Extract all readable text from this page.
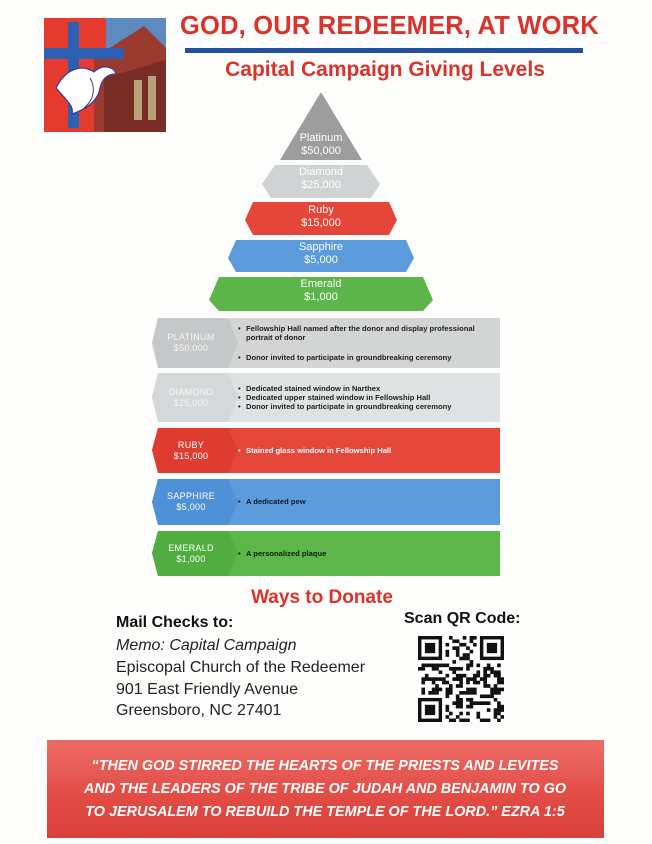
GOD, OUR REDEEMER, AT WORK
Capital Campaign Giving Levels
Platinum
$50,000
Diamond
$25,000
Ruby
$15,000
Sapphire
$5,000
Emerald
$1,000
PLATINUM
$50,000
• Fellowship Hall named after the donor and display professional portrait of donor
• Donor invited to participate in groundbreaking ceremony
DIAMOND
$25,000
• Dedicated stained window in Narthex
• Dedicated upper stained window in Fellowship Hall
• Donor invited to participate in groundbreaking ceremony
RUBY
$15,000
• Stained glass window in Fellowship Hall
SAPPHIRE
$5,000
• A dedicated pew
EMERALD
$1,000
• A personalized plaque
Ways to Donate
Mail Checks to:
Memo: Capital Campaign
Episcopal Church of the Redeemer
901 East Friendly Avenue
Greensboro, NC 27401
Scan QR Code:
“THEN GOD STIRRED THE HEARTS OF THE PRIESTS AND LEVITES
AND THE LEADERS OF THE TRIBE OF JUDAH AND BENJAMIN TO GO
TO JERUSALEM TO REBUILD THE TEMPLE OF THE LORD.” EZRA 1:5
